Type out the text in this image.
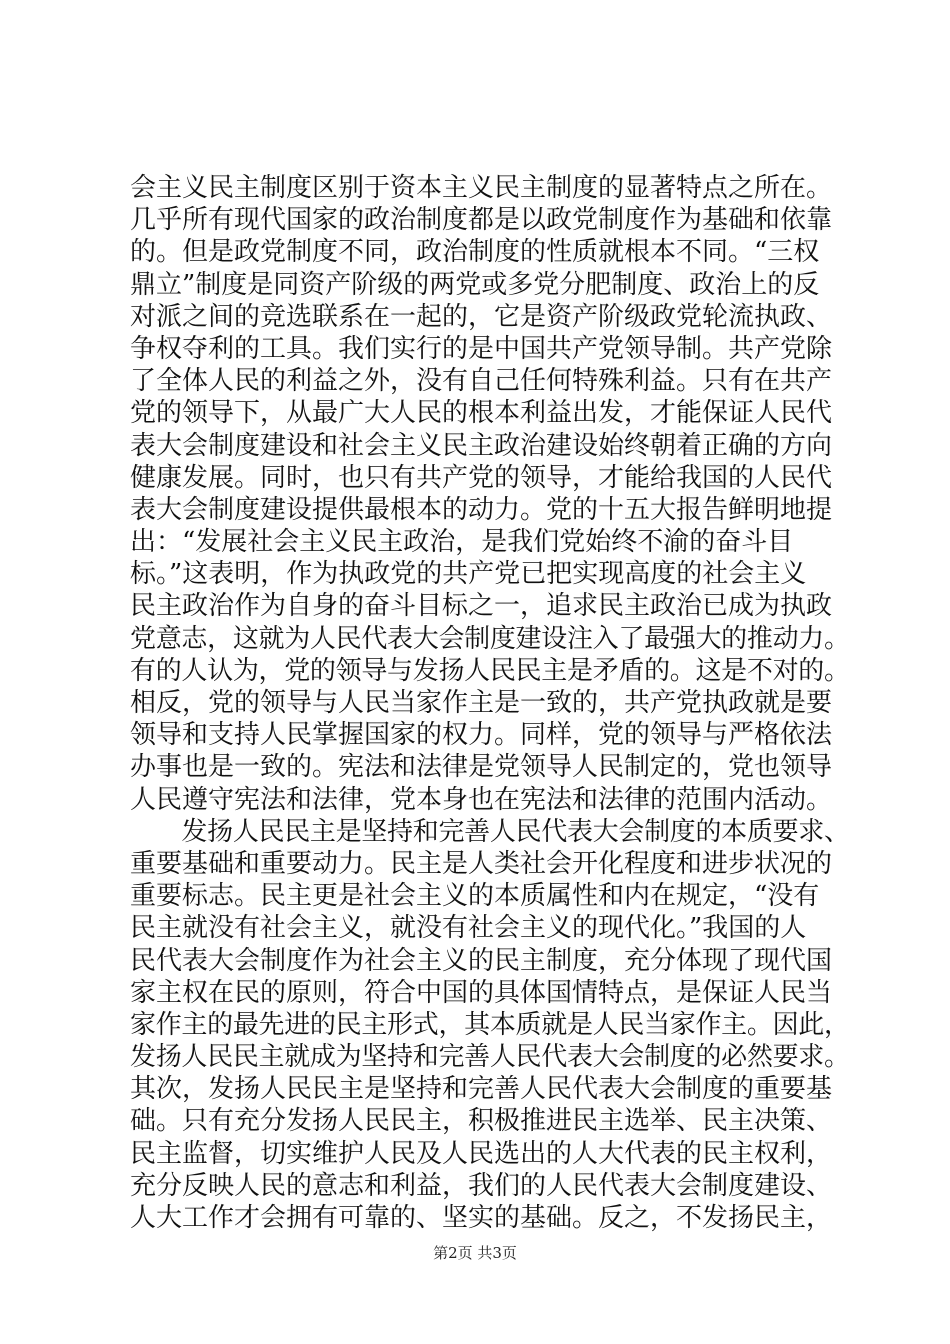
会主义民主制度区别于资本主义民主制度的显著特点之所在。
几乎所有现代国家的政治制度都是以政党制度作为基础和依靠
的。但是政党制度不同，政治制度的性质就根本不同。“三权
鼎立”制度是同资产阶级的两党或多党分肥制度、政治上的反
对派之间的竞选联系在一起的，它是资产阶级政党轮流执政、
争权夺利的工具。我们实行的是中国共产党领导制。共产党除
了全体人民的利益之外，没有自己任何特殊利益。只有在共产
党的领导下，从最广大人民的根本利益出发，才能保证人民代
表大会制度建设和社会主义民主政治建设始终朝着正确的方向
健康发展。同时，也只有共产党的领导，才能给我国的人民代
表大会制度建设提供最根本的动力。党的十五大报告鲜明地提
出：“发展社会主义民主政治，是我们党始终不渝的奋斗目
标。”这表明，作为执政党的共产党已把实现高度的社会主义
民主政治作为自身的奋斗目标之一，追求民主政治已成为执政
党意志，这就为人民代表大会制度建设注入了最强大的推动力。
有的人认为，党的领导与发扬人民民主是矛盾的。这是不对的。
相反，党的领导与人民当家作主是一致的，共产党执政就是要
领导和支持人民掌握国家的权力。同样，党的领导与严格依法
办事也是一致的。宪法和法律是党领导人民制定的，党也领导
人民遵守宪法和法律，党本身也在宪法和法律的范围内活动。
　　发扬人民民主是坚持和完善人民代表大会制度的本质要求、
重要基础和重要动力。民主是人类社会开化程度和进步状况的
重要标志。民主更是社会主义的本质属性和内在规定，“没有
民主就没有社会主义，就没有社会主义的现代化。”我国的人
民代表大会制度作为社会主义的民主制度，充分体现了现代国
家主权在民的原则，符合中国的具体国情特点，是保证人民当
家作主的最先进的民主形式，其本质就是人民当家作主。因此，
发扬人民民主就成为坚持和完善人民代表大会制度的必然要求。
其次，发扬人民民主是坚持和完善人民代表大会制度的重要基
础。只有充分发扬人民民主，积极推进民主选举、民主决策、
民主监督，切实维护人民及人民选出的人大代表的民主权利，
充分反映人民的意志和利益，我们的人民代表大会制度建设、
人大工作才会拥有可靠的、坚实的基础。反之，不发扬民主，
第2页 共3页
